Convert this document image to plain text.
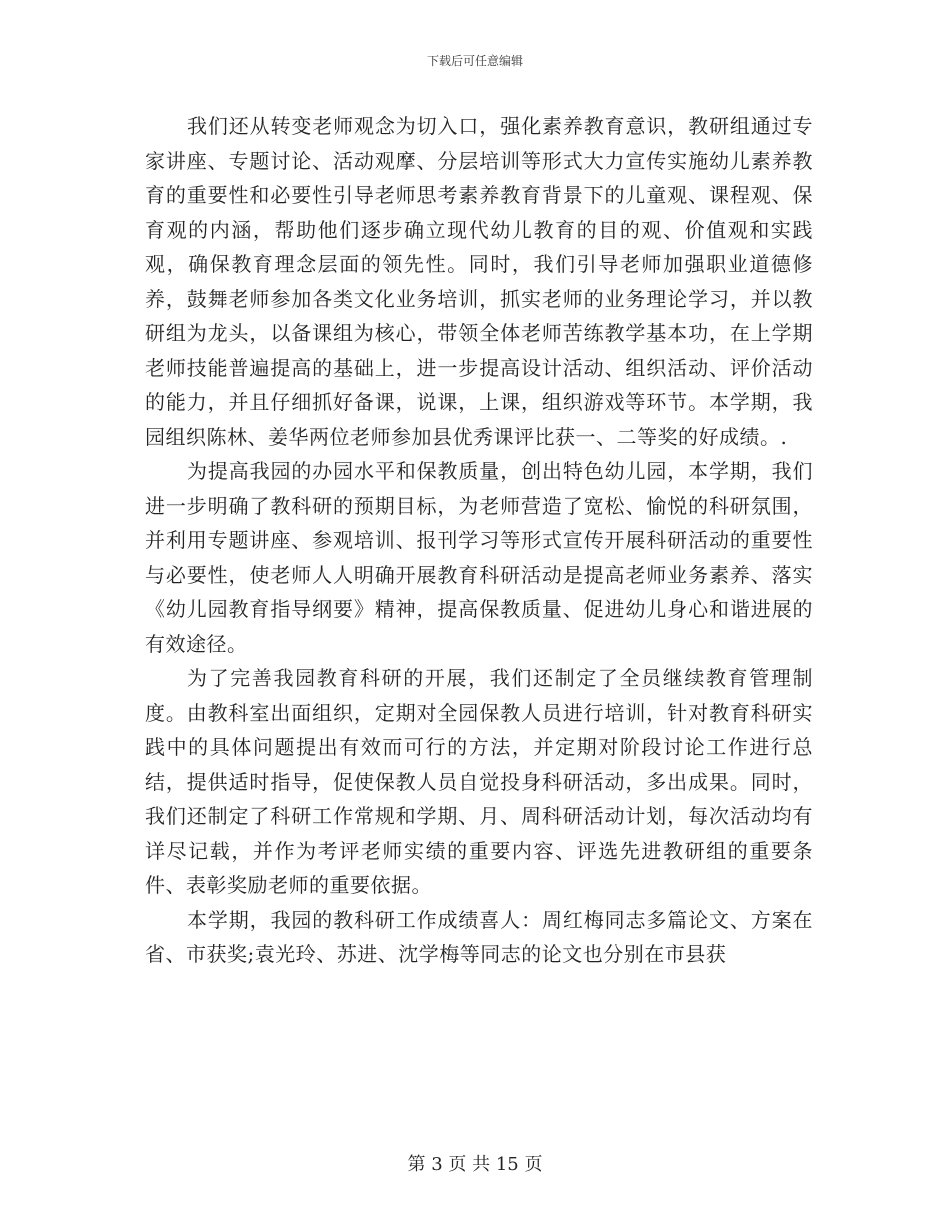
下载后可任意编辑

我们还从转变老师观念为切入口，强化素养教育意识，教研组通过专家讲座、专题讨论、活动观摩、分层培训等形式大力宣传实施幼儿素养教育的重要性和必要性引导老师思考素养教育背景下的儿童观、课程观、保育观的内涵，帮助他们逐步确立现代幼儿教育的目的观、价值观和实践观，确保教育理念层面的领先性。同时，我们引导老师加强职业道德修养，鼓舞老师参加各类文化业务培训，抓实老师的业务理论学习，并以教研组为龙头，以备课组为核心，带领全体老师苦练教学基本功，在上学期老师技能普遍提高的基础上，进一步提高设计活动、组织活动、评价活动的能力，并且仔细抓好备课，说课，上课，组织游戏等环节。本学期，我园组织陈林、姜华两位老师参加县优秀课评比获一、二等奖的好成绩。.

为提高我园的办园水平和保教质量，创出特色幼儿园，本学期，我们进一步明确了教科研的预期目标，为老师营造了宽松、愉悦的科研氛围，并利用专题讲座、参观培训、报刊学习等形式宣传开展科研活动的重要性与必要性，使老师人人明确开展教育科研活动是提高老师业务素养、落实《幼儿园教育指导纲要》精神，提高保教质量、促进幼儿身心和谐进展的有效途径。

为了完善我园教育科研的开展，我们还制定了全员继续教育管理制度。由教科室出面组织，定期对全园保教人员进行培训，针对教育科研实践中的具体问题提出有效而可行的方法，并定期对阶段讨论工作进行总结，提供适时指导，促使保教人员自觉投身科研活动，多出成果。同时，我们还制定了科研工作常规和学期、月、周科研活动计划，每次活动均有详尽记载，并作为考评老师实绩的重要内容、评选先进教研组的重要条件、表彰奖励老师的重要依据。

本学期，我园的教科研工作成绩喜人：周红梅同志多篇论文、方案在省、市获奖;袁光玲、苏进、沈学梅等同志的论文也分别在市县获

第 3 页 共 15 页
